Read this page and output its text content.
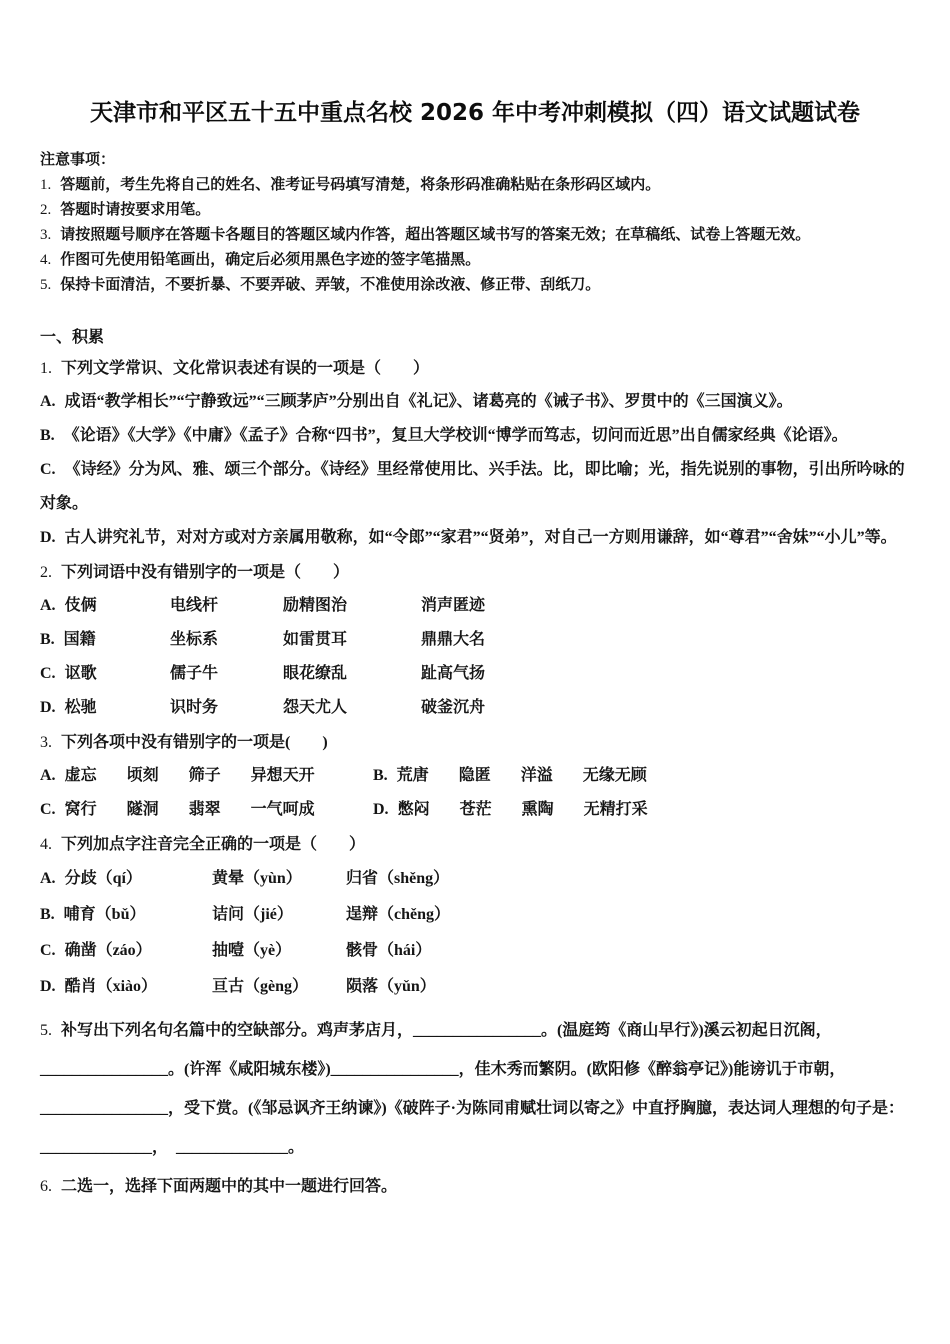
天津市和平区五十五中重点名校 2026 年中考冲刺模拟（四）语文试题试卷

注意事项：

1. 答题前，考生先将自己的姓名、准考证号码填写清楚，将条形码准确粘贴在条形码区域内。

2. 答题时请按要求用笔。

3. 请按照题号顺序在答题卡各题目的答题区域内作答，超出答题区域书写的答案无效；在草稿纸、试卷上答题无效。

4. 作图可先使用铅笔画出，确定后必须用黑色字迹的签字笔描黑。

5. 保持卡面清洁，不要折暴、不要弄破、弄皱，不准使用涂改液、修正带、刮纸刀。

一、积累

1. 下列文学常识、文化常识表述有误的一项是（　　）

A. 成语“教学相长”“宁静致远”“三顾茅庐”分别出自《礼记》、诸葛亮的《诫子书》、罗贯中的《三国演义》。

B. 《论语》《大学》《中庸》《孟子》合称“四书”，复旦大学校训“博学而笃志，切问而近思”出自儒家经典《论语》。

C. 《诗经》分为风、雅、颂三个部分。《诗经》里经常使用比、兴手法。比，即比喻；光，指先说别的事物，引出所吟咏的对象。

D. 古人讲究礼节，对对方或对方亲属用敬称，如“令郎”“家君”“贤弟”，对自己一方则用谦辞，如“尊君”“舍妹”“小儿”等。

2. 下列词语中没有错别字的一项是（　　）

A. 伎俩	电线杆	励精图治	消声匿迹
B. 国籍	坐标系	如雷贯耳	鼎鼎大名
C. 讴歌	儒子牛	眼花缭乱	趾高气扬
D. 松驰	识时务	怨天尤人	破釜沉舟

3. 下列各项中没有错别字的一项是(　　)

A. 虚忘 顷刻 筛子 异想天开	B. 荒唐 隐匿 洋溢 无缘无顾
C. 窝行 隧洞 翡翠 一气呵成	D. 憋闷 苍茫 熏陶 无精打采

4. 下列加点字注音完全正确的一项是（　　）

A. 分歧（qí）	黄晕（yùn）	归省（shěng）
B. 哺育（bǔ）	诘问（jié）	逞辩（chěng）
C. 确凿（záo）	抽噎（yè）	骸骨（hái）
D. 酷肖（xiào）	亘古（gèng）	陨落（yǔn）

5. 补写出下列名句名篇中的空缺部分。鸡声茅店月，________________。(温庭筠《商山早行》)溪云初起日沉阁，________________。(许浑《咸阳城东楼》)________________，佳木秀而繁阴。(欧阳修《醉翁亭记》)能谤讥于市朝，________________，受下赏。(《邹忌讽齐王纳谏》)《破阵子·为陈同甫赋壮词以寄之》中直抒胸臆，表达词人理想的句子是：______________，　______________。

6. 二选一，选择下面两题中的其中一题进行回答。
